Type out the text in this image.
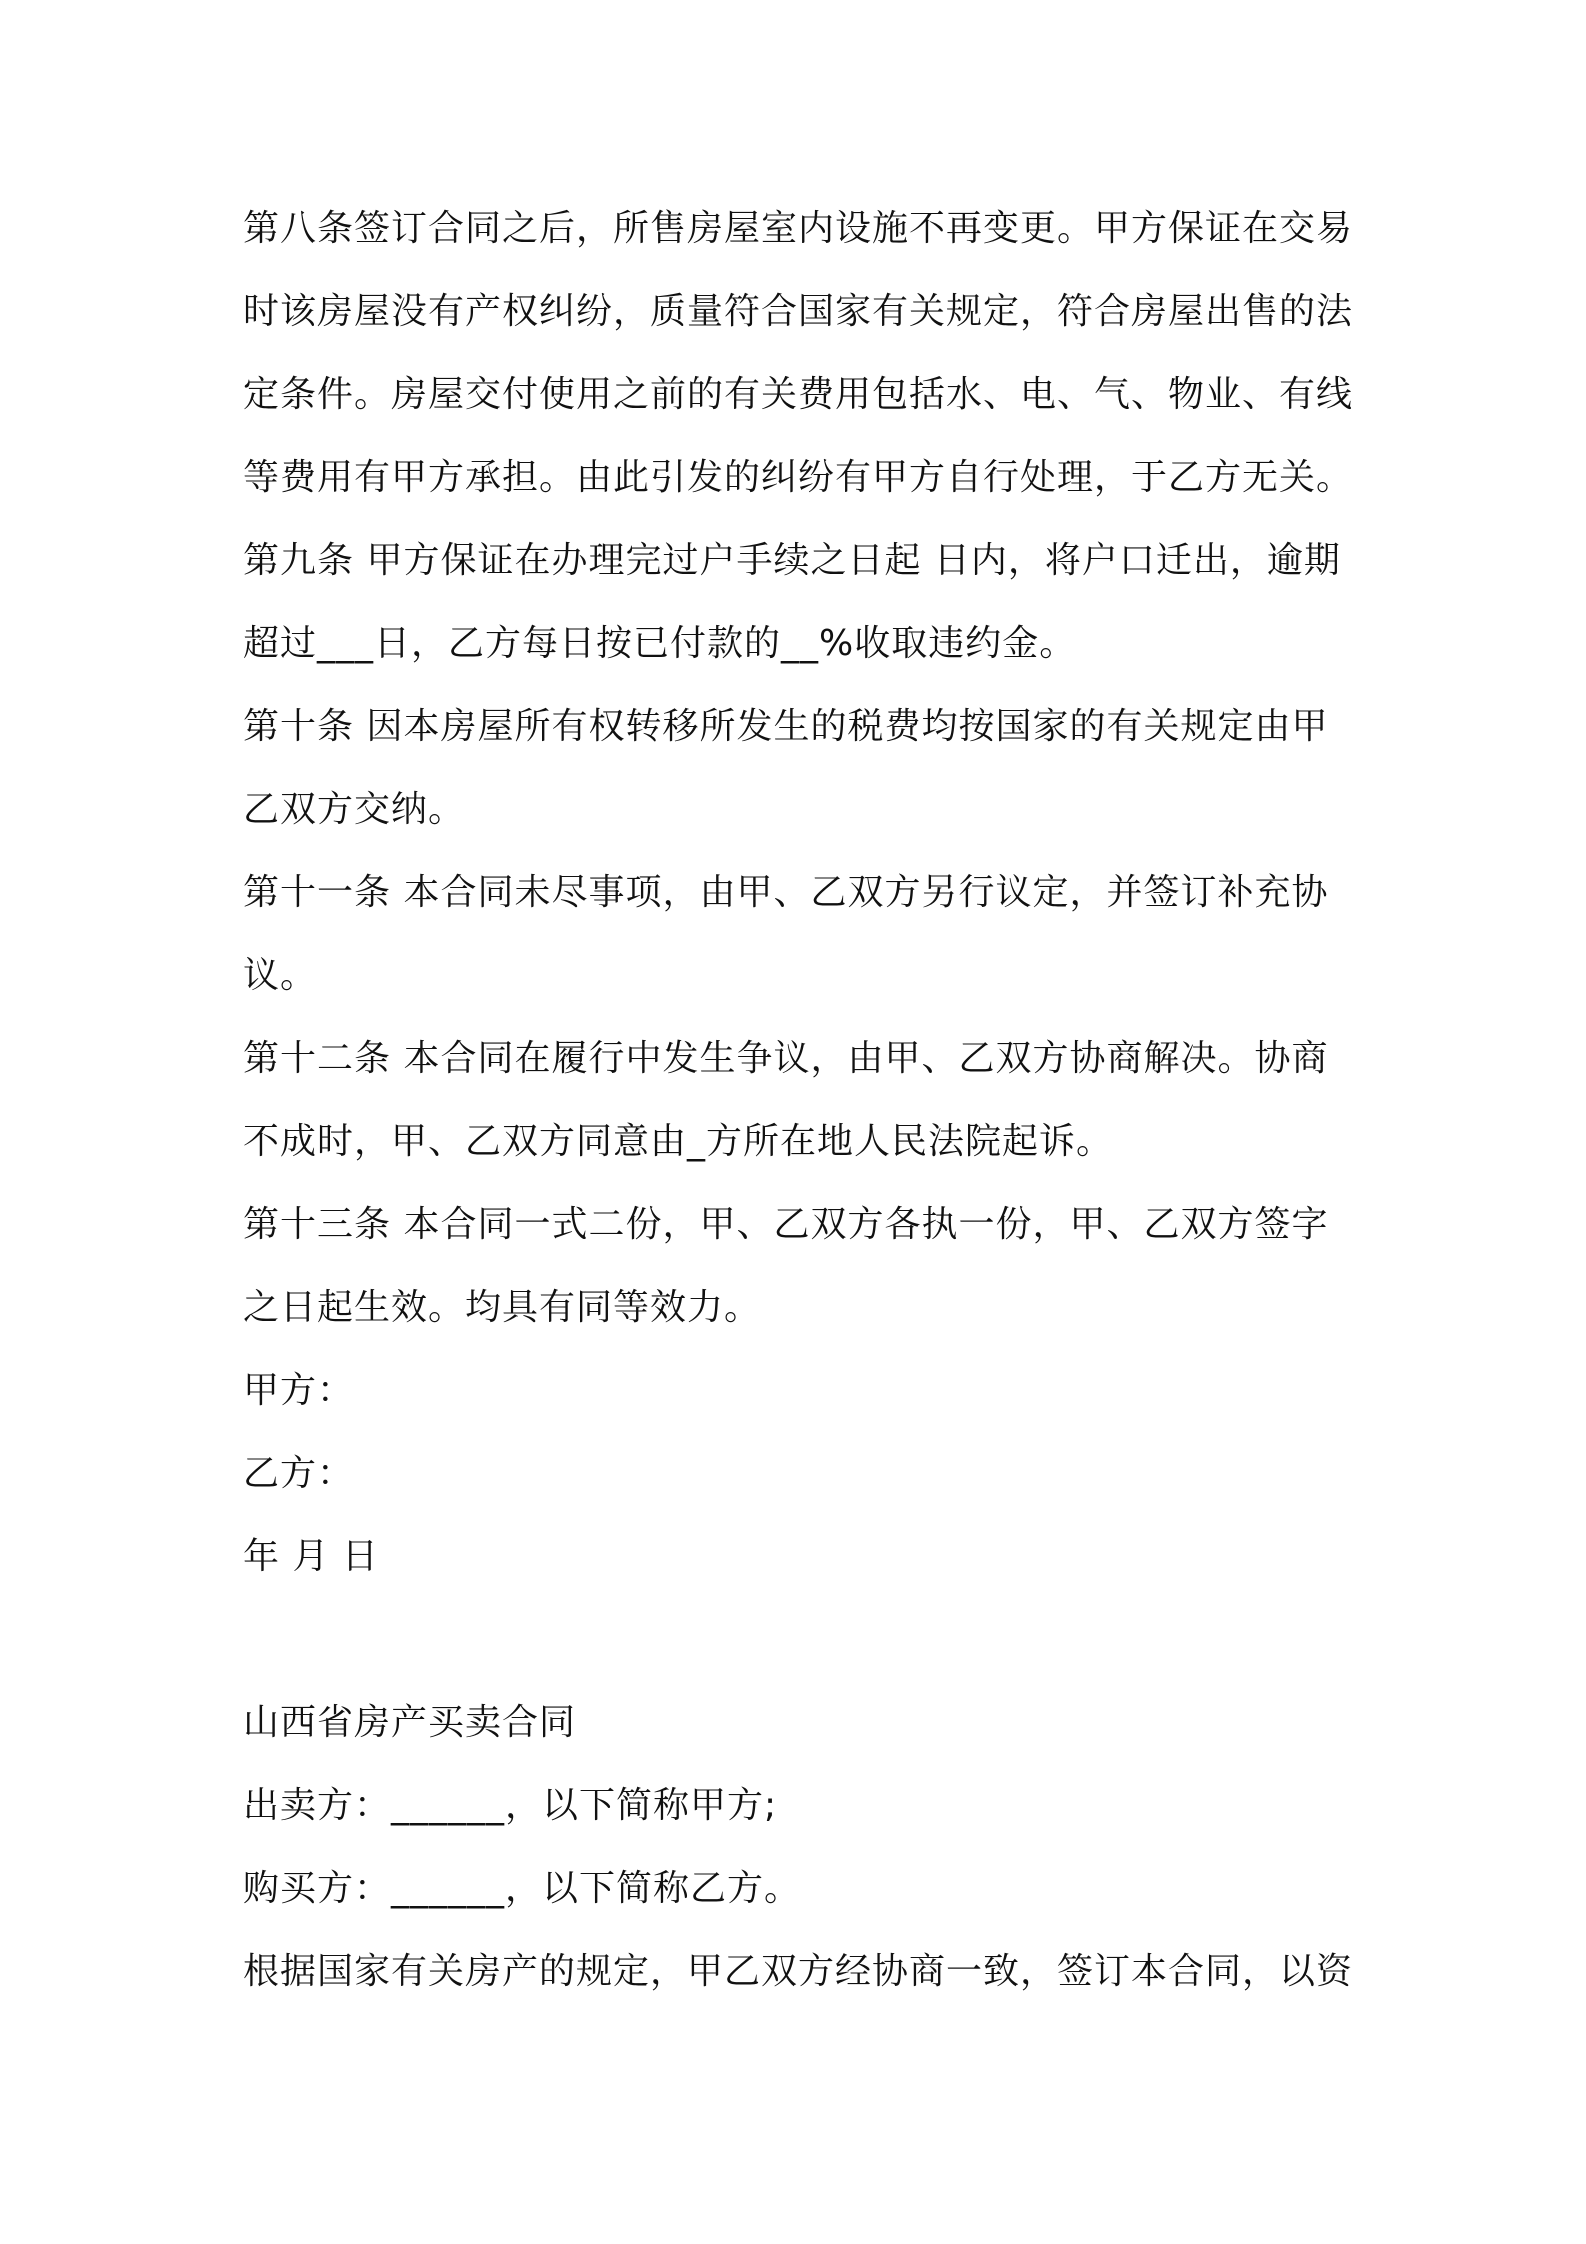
第八条签订合同之后，所售房屋室内设施不再变更。甲方保证在交易
时该房屋没有产权纠纷，质量符合国家有关规定，符合房屋出售的法
定条件。房屋交付使用之前的有关费用包括水、电、气、物业、有线
等费用有甲方承担。由此引发的纠纷有甲方自行处理，于乙方无关。
第九条 甲方保证在办理完过户手续之日起 日内，将户口迁出，逾期
超过___日，乙方每日按已付款的__%收取违约金。
第十条 因本房屋所有权转移所发生的税费均按国家的有关规定由甲
乙双方交纳。
第十一条 本合同未尽事项，由甲、乙双方另行议定，并签订补充协
议。
第十二条 本合同在履行中发生争议，由甲、乙双方协商解决。协商
不成时，甲、乙双方同意由_方所在地人民法院起诉。
第十三条 本合同一式二份，甲、乙双方各执一份，甲、乙双方签字
之日起生效。均具有同等效力。
甲方：
乙方：
年 月 日
山西省房产买卖合同
出卖方：______，以下简称甲方;
购买方：______，以下简称乙方。
根据国家有关房产的规定，甲乙双方经协商一致，签订本合同，以资
